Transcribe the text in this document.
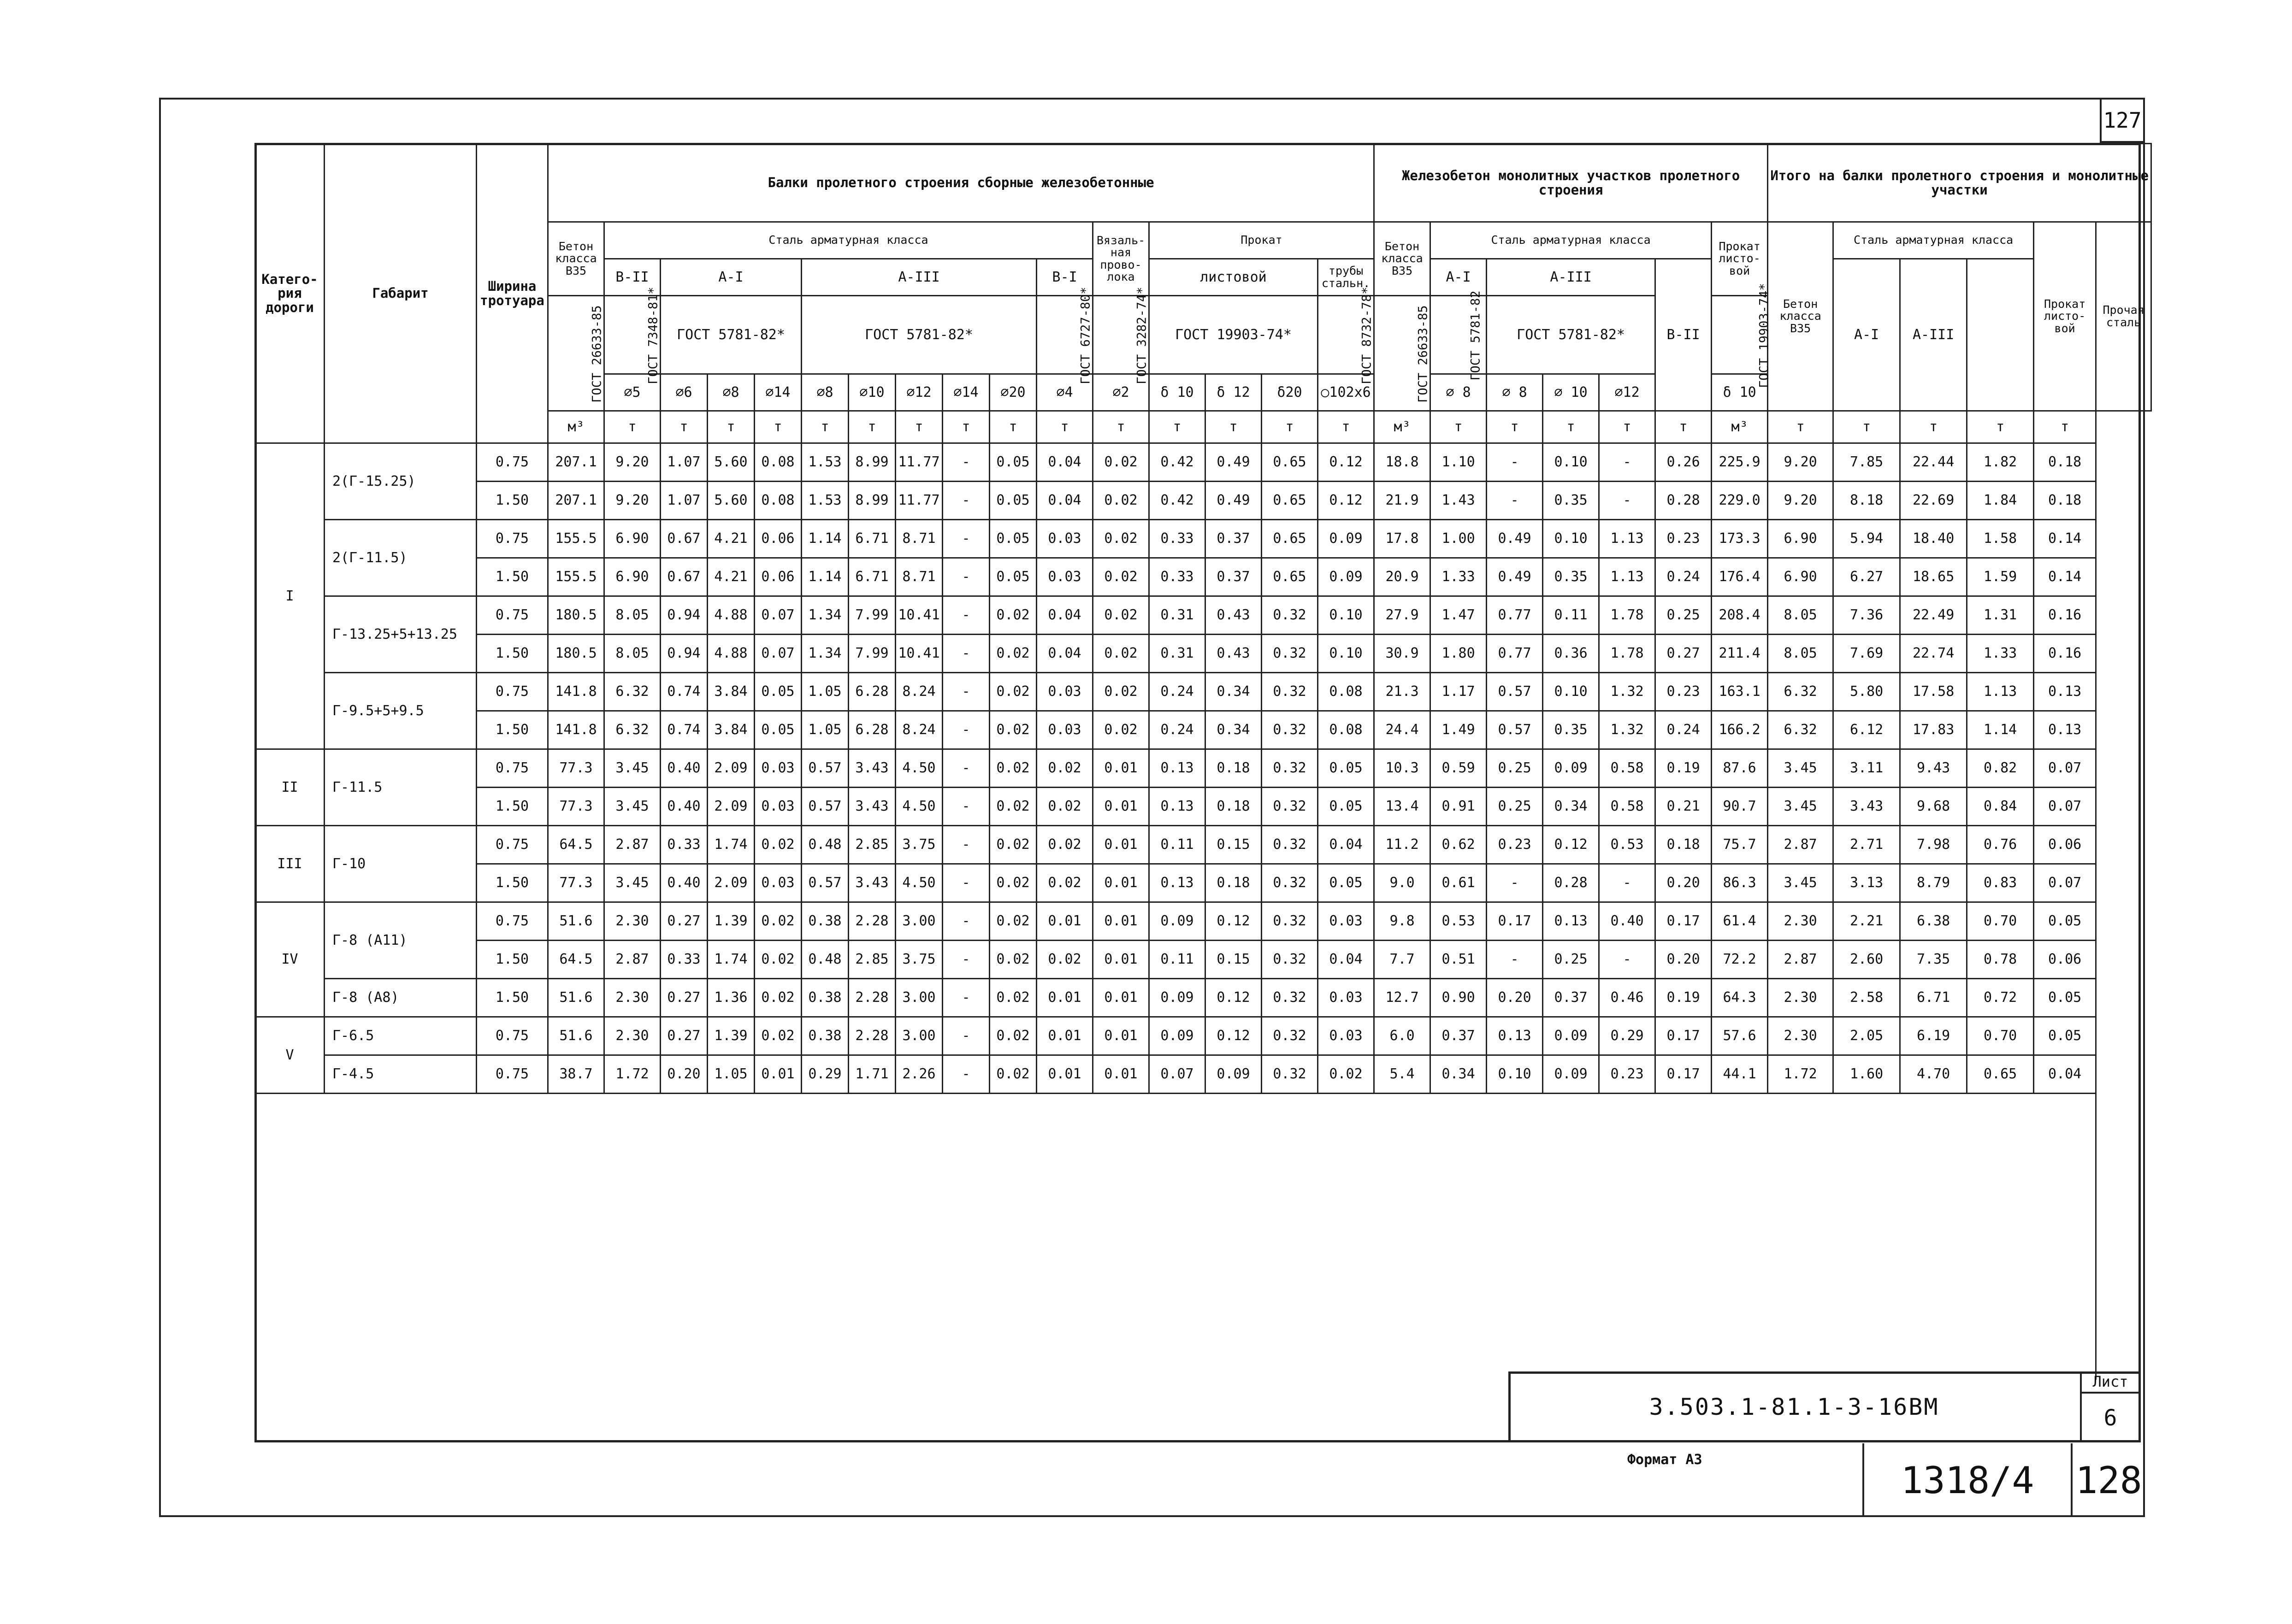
127
Катего-рия дороги	Габарит	Ширина тротуара	Балки пролетного строения сборные железобетонные																Железобетон монолитных участков пролетного строения							Итого на балки пролетного строения и монолитные участки					
			Бетон класса В35	Сталь арматурная класса										Вязаль-ная прово-лока	Прокат				Бетон класса В35	Сталь арматурная класса					Прокат листо-вой	Бетон класса В35	Сталь арматурная класса			Прокат листо-вой	Прочая сталь
				В-II	А-I			А-III					В-I		листовой			трубы стальн.		А-I	А-III			В-II			А-I	А-III			
			ГОСТ 26633-85	ГОСТ 7348-81*	ГОСТ 5781-82*			ГОСТ 5781-82*					ГОСТ 6727-80*	ГОСТ 3282-74*	ГОСТ 19903-74*			ГОСТ 8732-78*	ГОСТ 26633-85	ГОСТ 5781-82	ГОСТ 5781-82*				ГОСТ 19903-74*						
				⌀5	⌀6	⌀8	⌀14	⌀8	⌀10	⌀12	⌀14	⌀20	⌀4	⌀2	δ 10	δ 12	δ20	○102х6		⌀ 8	⌀ 8	⌀ 10	⌀12		δ 10						
			м³	т	т	т	т	т	т	т	т	т	т	т	т	т	т	т	м³	т	т	т	т	т	м³	т	т	т	т	т	
I	2(Г-15.25)	0.75	207.1	9.20	1.07	5.60	0.08	1.53	8.99	11.77	-	0.05	0.04	0.02	0.42	0.49	0.65	0.12	18.8	1.10	-	0.10	-	0.26	225.9	9.20	7.85	22.44	1.82	0.18	
		1.50	207.1	9.20	1.07	5.60	0.08	1.53	8.99	11.77	-	0.05	0.04	0.02	0.42	0.49	0.65	0.12	21.9	1.43	-	0.35	-	0.28	229.0	9.20	8.18	22.69	1.84	0.18	
	2(Г-11.5)	0.75	155.5	6.90	0.67	4.21	0.06	1.14	6.71	8.71	-	0.05	0.03	0.02	0.33	0.37	0.65	0.09	17.8	1.00	0.49	0.10	1.13	0.23	173.3	6.90	5.94	18.40	1.58	0.14	
		1.50	155.5	6.90	0.67	4.21	0.06	1.14	6.71	8.71	-	0.05	0.03	0.02	0.33	0.37	0.65	0.09	20.9	1.33	0.49	0.35	1.13	0.24	176.4	6.90	6.27	18.65	1.59	0.14	
	Г-13.25+5+13.25	0.75	180.5	8.05	0.94	4.88	0.07	1.34	7.99	10.41	-	0.02	0.04	0.02	0.31	0.43	0.32	0.10	27.9	1.47	0.77	0.11	1.78	0.25	208.4	8.05	7.36	22.49	1.31	0.16	
		1.50	180.5	8.05	0.94	4.88	0.07	1.34	7.99	10.41	-	0.02	0.04	0.02	0.31	0.43	0.32	0.10	30.9	1.80	0.77	0.36	1.78	0.27	211.4	8.05	7.69	22.74	1.33	0.16	
	Г-9.5+5+9.5	0.75	141.8	6.32	0.74	3.84	0.05	1.05	6.28	8.24	-	0.02	0.03	0.02	0.24	0.34	0.32	0.08	21.3	1.17	0.57	0.10	1.32	0.23	163.1	6.32	5.80	17.58	1.13	0.13	
		1.50	141.8	6.32	0.74	3.84	0.05	1.05	6.28	8.24	-	0.02	0.03	0.02	0.24	0.34	0.32	0.08	24.4	1.49	0.57	0.35	1.32	0.24	166.2	6.32	6.12	17.83	1.14	0.13	
II	Г-11.5	0.75	77.3	3.45	0.40	2.09	0.03	0.57	3.43	4.50	-	0.02	0.02	0.01	0.13	0.18	0.32	0.05	10.3	0.59	0.25	0.09	0.58	0.19	87.6	3.45	3.11	9.43	0.82	0.07	
		1.50	77.3	3.45	0.40	2.09	0.03	0.57	3.43	4.50	-	0.02	0.02	0.01	0.13	0.18	0.32	0.05	13.4	0.91	0.25	0.34	0.58	0.21	90.7	3.45	3.43	9.68	0.84	0.07	
III	Г-10	0.75	64.5	2.87	0.33	1.74	0.02	0.48	2.85	3.75	-	0.02	0.02	0.01	0.11	0.15	0.32	0.04	11.2	0.62	0.23	0.12	0.53	0.18	75.7	2.87	2.71	7.98	0.76	0.06	
		1.50	77.3	3.45	0.40	2.09	0.03	0.57	3.43	4.50	-	0.02	0.02	0.01	0.13	0.18	0.32	0.05	9.0	0.61	-	0.28	-	0.20	86.3	3.45	3.13	8.79	0.83	0.07	
IV	Г-8 (А11)	0.75	51.6	2.30	0.27	1.39	0.02	0.38	2.28	3.00	-	0.02	0.01	0.01	0.09	0.12	0.32	0.03	9.8	0.53	0.17	0.13	0.40	0.17	61.4	2.30	2.21	6.38	0.70	0.05	
		1.50	64.5	2.87	0.33	1.74	0.02	0.48	2.85	3.75	-	0.02	0.02	0.01	0.11	0.15	0.32	0.04	7.7	0.51	-	0.25	-	0.20	72.2	2.87	2.60	7.35	0.78	0.06	
	Г-8 (А8)	1.50	51.6	2.30	0.27	1.36	0.02	0.38	2.28	3.00	-	0.02	0.01	0.01	0.09	0.12	0.32	0.03	12.7	0.90	0.20	0.37	0.46	0.19	64.3	2.30	2.58	6.71	0.72	0.05	
V	Г-6.5	0.75	51.6	2.30	0.27	1.39	0.02	0.38	2.28	3.00	-	0.02	0.01	0.01	0.09	0.12	0.32	0.03	6.0	0.37	0.13	0.09	0.29	0.17	57.6	2.30	2.05	6.19	0.70	0.05	
	Г-4.5	0.75	38.7	1.72	0.20	1.05	0.01	0.29	1.71	2.26	-	0.02	0.01	0.01	0.07	0.09	0.32	0.02	5.4	0.34	0.10	0.09	0.23	0.17	44.1	1.72	1.60	4.70	0.65	0.04	

3.503.1-81.1-3-16ВМ
Лист
6
Формат А3	1318/4	128
